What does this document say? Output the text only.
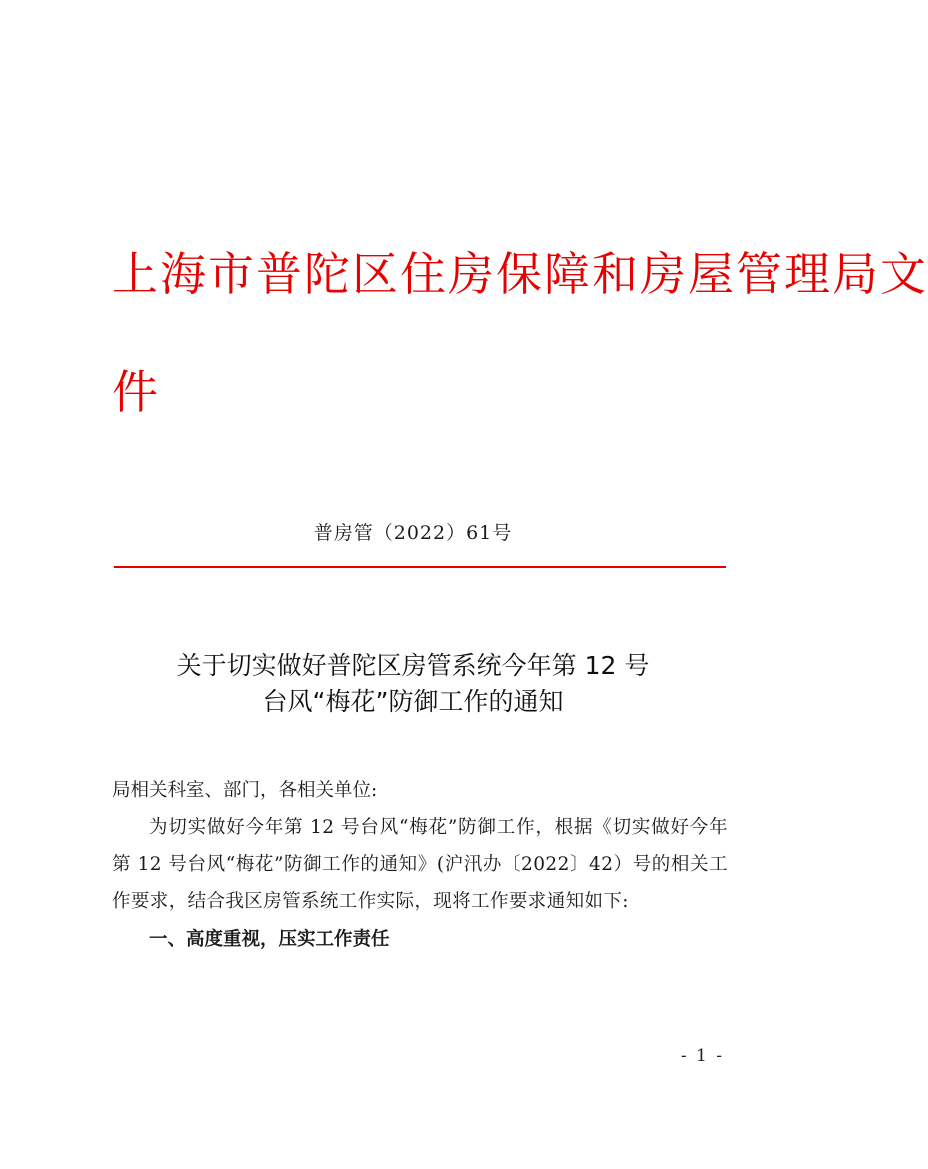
上海市普陀区住房保障和房屋管理局文
件
普房管（2022）61号
关于切实做好普陀区房管系统今年第 12 号
台风“梅花”防御工作的通知

局相关科室、部门，各相关单位:

为切实做好今年第 12 号台风“梅花”防御工作，根据《切实做好今年第 12 号台风“梅花”防御工作的通知》(沪汛办〔2022〕42）号的相关工作要求，结合我区房管系统工作实际，现将工作要求通知如下:

一、高度重视，压实工作责任

- 1 -
